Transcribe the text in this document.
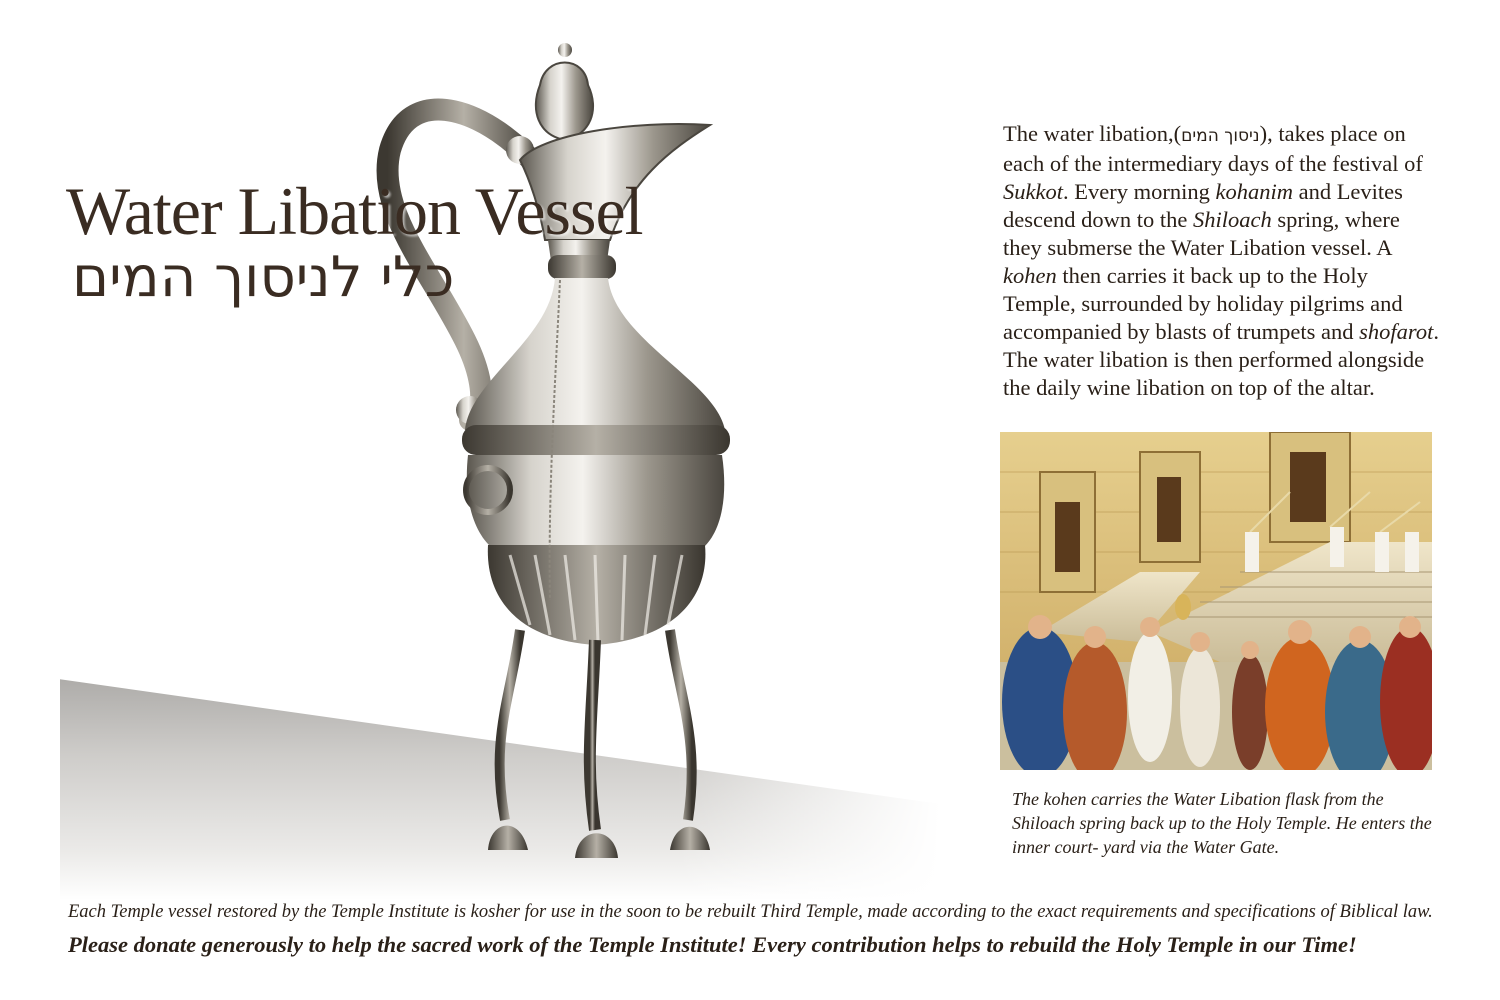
Water Libation Vessel
כלי לניסוך המים

The water libation,(ניסוך המים), takes place on each of the intermediary days of the festival of Sukkot. Every morning kohanim and Levites descend down to the Shiloach spring, where they submerse the Water Libation vessel. A kohen then carries it back up to the Holy Temple, surrounded by holiday pilgrims and accompanied by blasts of trumpets and shofarot. The water libation is then performed alongside the daily wine libation on top of the altar.

The kohen carries the Water Libation flask from the Shiloach spring back up to the Holy Temple. He enters the inner court- yard via the Water Gate.

Each Temple vessel restored by the Temple Institute is kosher for use in the soon to be rebuilt Third Temple, made according to the exact requirements and specifications of Biblical law.

Please donate generously to help the sacred work of the Temple Institute! Every contribution helps to rebuild the Holy Temple in our Time!
